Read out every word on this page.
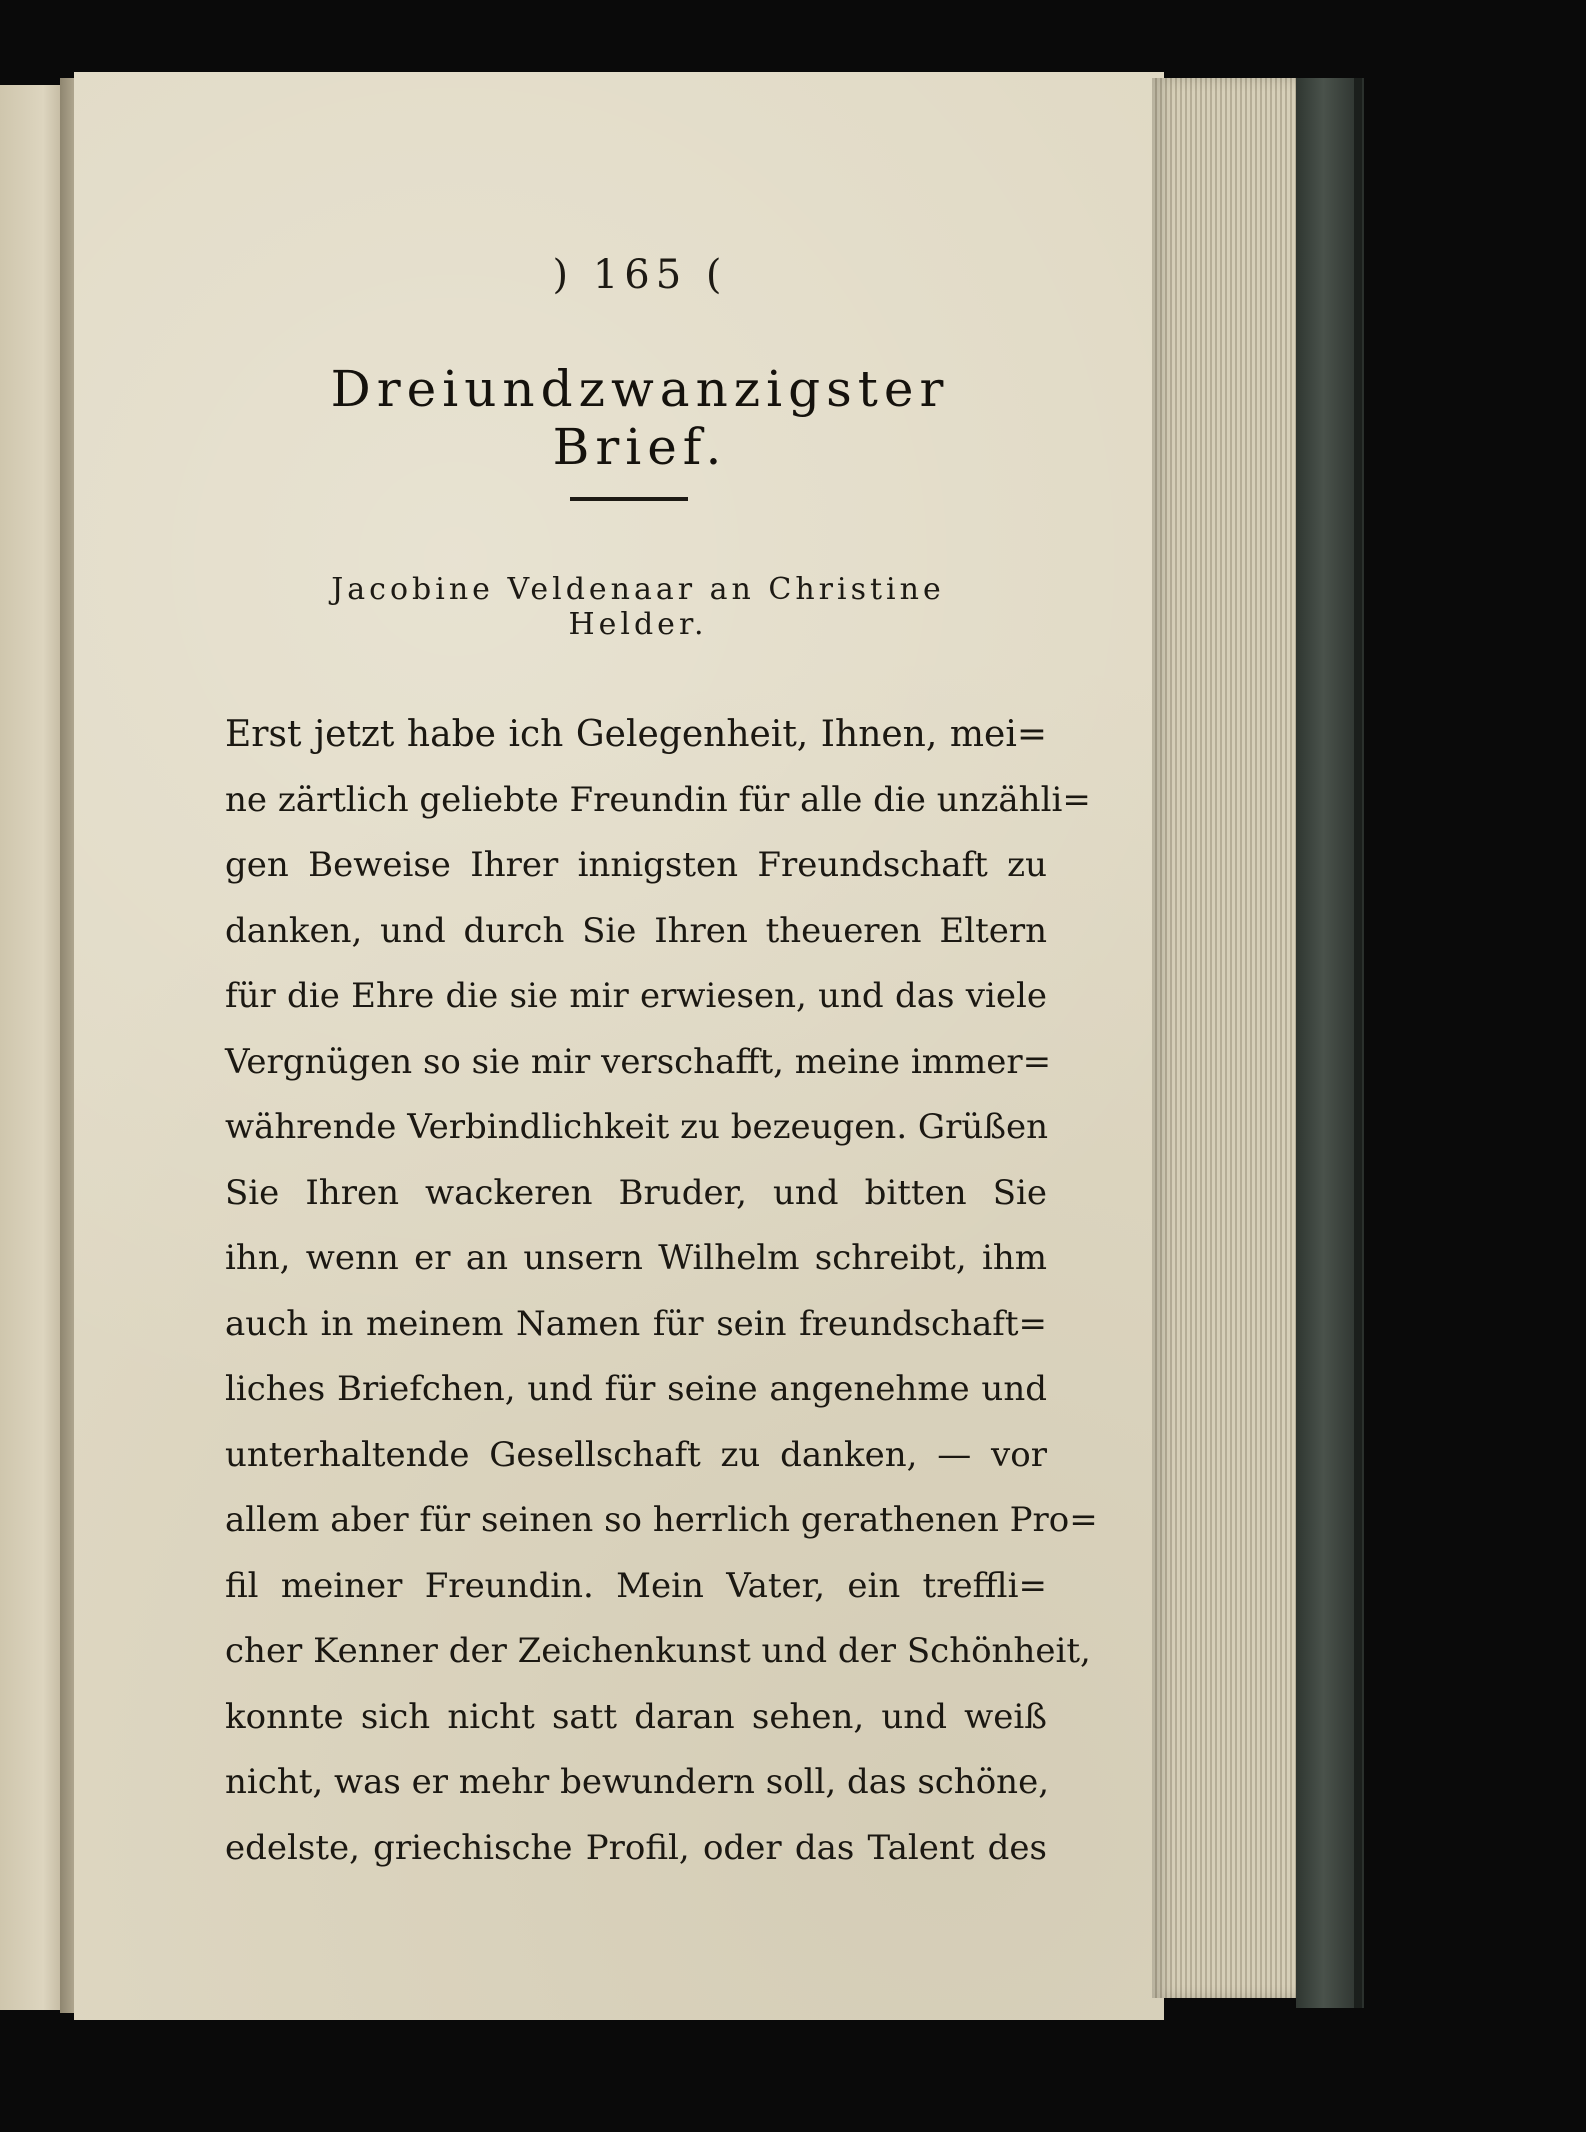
) 165 (
Dreiundzwanzigster Brief.
Jacobine Veldenaar an Christine Helder.
Erst jetzt habe ich Gelegenheit, Ihnen, mei=
ne zärtlich geliebte Freundin für alle die unzähli=
gen Beweise Ihrer innigsten Freundschaft zu
danken, und durch Sie Ihren theueren Eltern
für die Ehre die sie mir erwiesen, und das viele
Vergnügen so sie mir verschafft, meine immer=
währende Verbindlichkeit zu bezeugen. Grüßen
Sie Ihren wackeren Bruder, und bitten Sie
ihn, wenn er an unsern Wilhelm schreibt, ihm
auch in meinem Namen für sein freundschaft=
liches Briefchen, und für seine angenehme und
unterhaltende Gesellschaft zu danken, — vor
allem aber für seinen so herrlich gerathenen Pro=
fil meiner Freundin. Mein Vater, ein treffli=
cher Kenner der Zeichenkunst und der Schönheit,
konnte sich nicht satt daran sehen, und weiß
nicht, was er mehr bewundern soll, das schöne,
edelste, griechische Profil, oder das Talent des
